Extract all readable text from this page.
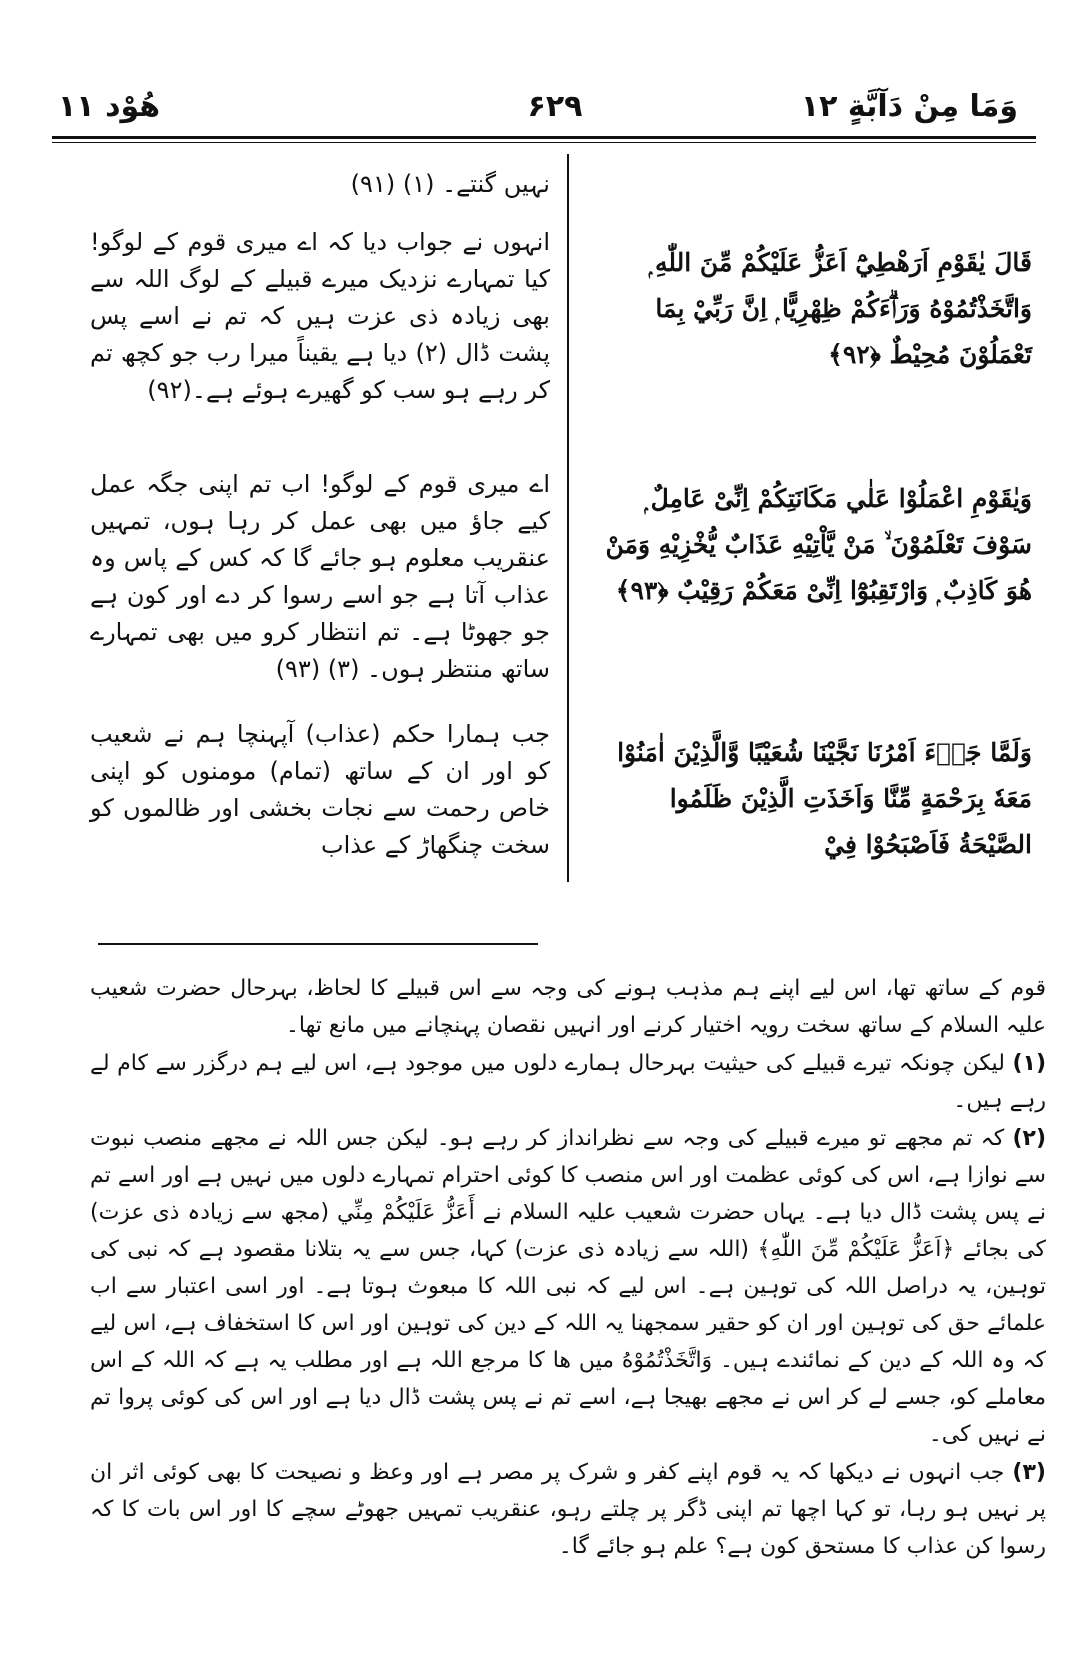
وَمَا مِنْ دَآبَّةٍ ١٢
۶۲۹
ھُوْد ١١

نہیں گنتے۔ (۱) (۹۱)

انہوں نے جواب دیا کہ اے میری قوم کے لوگو! کیا تمہارے نزدیک میرے قبیلے کے لوگ اللہ سے بھی زیادہ ذی عزت ہیں کہ تم نے اسے پس پشت ڈال (۲) دیا ہے یقیناً میرا رب جو کچھ تم کر رہے ہو سب کو گھیرے ہوئے ہے۔(۹۲)

اے میری قوم کے لوگو! اب تم اپنی جگہ عمل کیے جاؤ میں بھی عمل کر رہا ہوں، تمہیں عنقریب معلوم ہو جائے گا کہ کس کے پاس وہ عذاب آتا ہے جو اسے رسوا کر دے اور کون ہے جو جھوٹا ہے۔ تم انتظار کرو میں بھی تمہارے ساتھ منتظر ہوں۔ (۳) (۹۳)

جب ہمارا حکم (عذاب) آپہنچا ہم نے شعیب کو اور ان کے ساتھ (تمام) مومنوں کو اپنی خاص رحمت سے نجات بخشی اور ظالموں کو سخت چنگھاڑ کے عذاب

قَالَ يٰقَوْمِ اَرَهْطِيْٓ اَعَزُّ عَلَيْكُمْ مِّنَ اللّٰهِ ۭ وَاتَّخَذْتُمُوْهُ وَرَاۗءَكُمْ ظِهْرِيًّا ۭ اِنَّ رَبِّيْ بِمَا تَعْمَلُوْنَ مُحِيْطٌ ﴿۹۲﴾

وَيٰقَوْمِ اعْمَلُوْا عَلٰي مَكَانَتِكُمْ اِنِّىْ عَامِلٌ ۭ سَوْفَ تَعْلَمُوْنَ ۙ مَنْ يَّاْتِيْهِ عَذَابٌ يُّخْزِيْهِ وَمَنْ هُوَ كَاذِبٌ ۭ وَارْتَقِبُوْٓا اِنِّىْ مَعَكُمْ رَقِيْبٌ ﴿۹۳﴾

وَلَمَّا جَاۗءَ اَمْرُنَا نَجَّيْنَا شُعَيْبًا وَّالَّذِيْنَ اٰمَنُوْا مَعَهٗ بِرَحْمَةٍ مِّنَّا وَاَخَذَتِ الَّذِيْنَ ظَلَمُوا الصَّيْحَةُ فَاَصْبَحُوْا فِيْ

قوم کے ساتھ تھا، اس لیے اپنے ہم مذہب ہونے کی وجہ سے اس قبیلے کا لحاظ، بہرحال حضرت شعیب علیہ السلام کے ساتھ سخت رویہ اختیار کرنے اور انہیں نقصان پہنچانے میں مانع تھا۔

(۱) لیکن چونکہ تیرے قبیلے کی حیثیت بہرحال ہمارے دلوں میں موجود ہے، اس لیے ہم درگزر سے کام لے رہے ہیں۔

(۲) کہ تم مجھے تو میرے قبیلے کی وجہ سے نظرانداز کر رہے ہو۔ لیکن جس اللہ نے مجھے منصب نبوت سے نوازا ہے، اس کی کوئی عظمت اور اس منصب کا کوئی احترام تمہارے دلوں میں نہیں ہے اور اسے تم نے پس پشت ڈال دیا ہے۔ یہاں حضرت شعیب علیہ السلام نے أَعَزُّ عَلَيْكُمْ مِنِّي (مجھ سے زیادہ ذی عزت) کی بجائے ﴿اَعَزُّ عَلَيْكُمْ مِّنَ اللّٰهِ﴾ (اللہ سے زیادہ ذی عزت) کہا، جس سے یہ بتلانا مقصود ہے کہ نبی کی توہین، یہ دراصل اللہ کی توہین ہے۔ اس لیے کہ نبی اللہ کا مبعوث ہوتا ہے۔ اور اسی اعتبار سے اب علمائے حق کی توہین اور ان کو حقیر سمجھنا یہ اللہ کے دین کی توہین اور اس کا استخفاف ہے، اس لیے کہ وہ اللہ کے دین کے نمائندے ہیں۔ وَاتَّخَذْتُمُوْهُ میں ھا کا مرجع اللہ ہے اور مطلب یہ ہے کہ اللہ کے اس معاملے کو، جسے لے کر اس نے مجھے بھیجا ہے، اسے تم نے پس پشت ڈال دیا ہے اور اس کی کوئی پروا تم نے نہیں کی۔

(۳) جب انہوں نے دیکھا کہ یہ قوم اپنے کفر و شرک پر مصر ہے اور وعظ و نصیحت کا بھی کوئی اثر ان پر نہیں ہو رہا، تو کہا اچھا تم اپنی ڈگر پر چلتے رہو، عنقریب تمہیں جھوٹے سچے کا اور اس بات کا کہ رسوا کن عذاب کا مستحق کون ہے؟ علم ہو جائے گا۔
